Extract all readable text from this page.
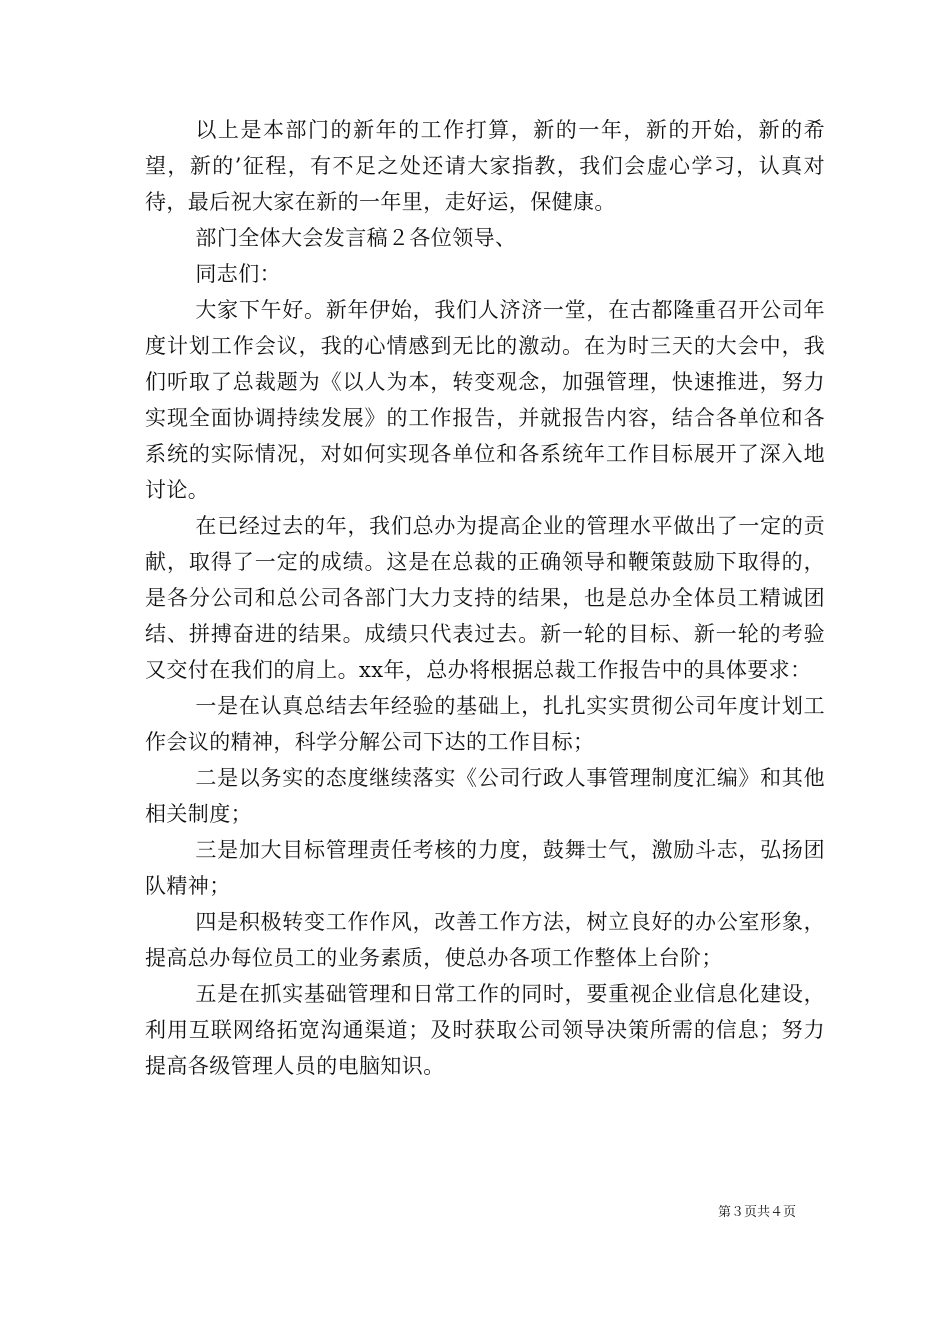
以上是本部门的新年的工作打算，新的一年，新的开始，新的希望，新的’征程，有不足之处还请大家指教，我们会虚心学习，认真对待，最后祝大家在新的一年里，走好运，保健康。

部门全体大会发言稿２各位领导、

同志们：

大家下午好。新年伊始，我们人济济一堂，在古都隆重召开公司年度计划工作会议，我的心情感到无比的激动。在为时三天的大会中，我们听取了总裁题为《以人为本，转变观念，加强管理，快速推进，努力实现全面协调持续发展》的工作报告，并就报告内容，结合各单位和各系统的实际情况，对如何实现各单位和各系统年工作目标展开了深入地讨论。

在已经过去的年，我们总办为提高企业的管理水平做出了一定的贡献，取得了一定的成绩。这是在总裁的正确领导和鞭策鼓励下取得的，是各分公司和总公司各部门大力支持的结果，也是总办全体员工精诚团结、拼搏奋进的结果。成绩只代表过去。新一轮的目标、新一轮的考验又交付在我们的肩上。xx年，总办将根据总裁工作报告中的具体要求：

一是在认真总结去年经验的基础上，扎扎实实贯彻公司年度计划工作会议的精神，科学分解公司下达的工作目标；

二是以务实的态度继续落实《公司行政人事管理制度汇编》和其他相关制度；

三是加大目标管理责任考核的力度，鼓舞士气，激励斗志，弘扬团队精神；

四是积极转变工作作风，改善工作方法，树立良好的办公室形象，提高总办每位员工的业务素质，使总办各项工作整体上台阶；

五是在抓实基础管理和日常工作的同时，要重视企业信息化建设，利用互联网络拓宽沟通渠道；及时获取公司领导决策所需的信息；努力提高各级管理人员的电脑知识。

第３页共４页
